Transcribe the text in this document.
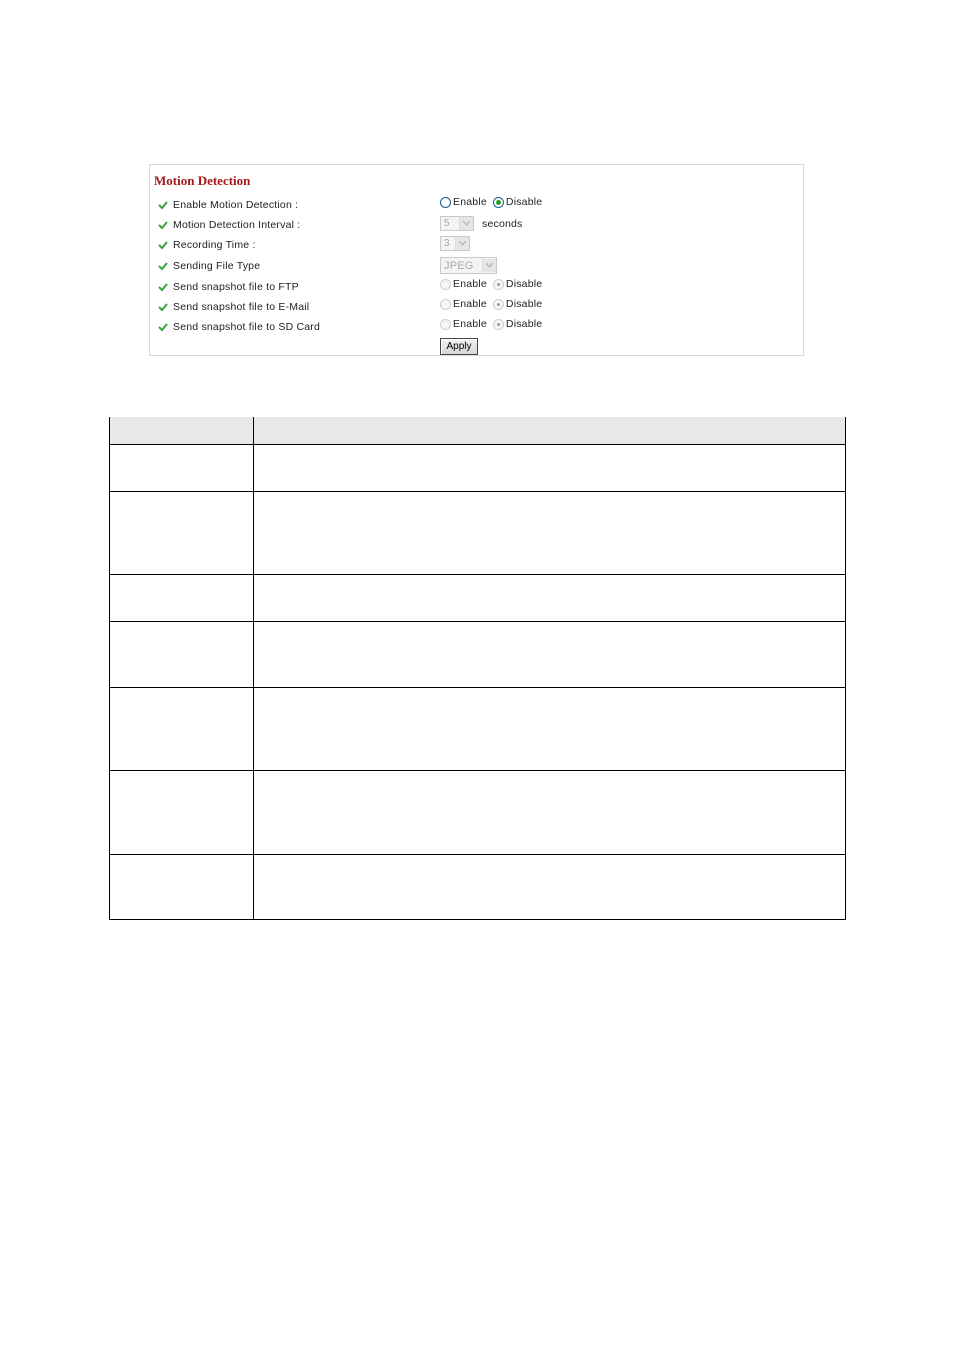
Motion Detection
Enable Motion Detection :	Enable Disable
Motion Detection Interval :	5	seconds
Recording Time :	3
Sending File Type	JPEG
Send snapshot file to FTP	Enable Disable
Send snapshot file to E-Mail	Enable Disable
Send snapshot file to SD Card	Enable Disable
Apply
